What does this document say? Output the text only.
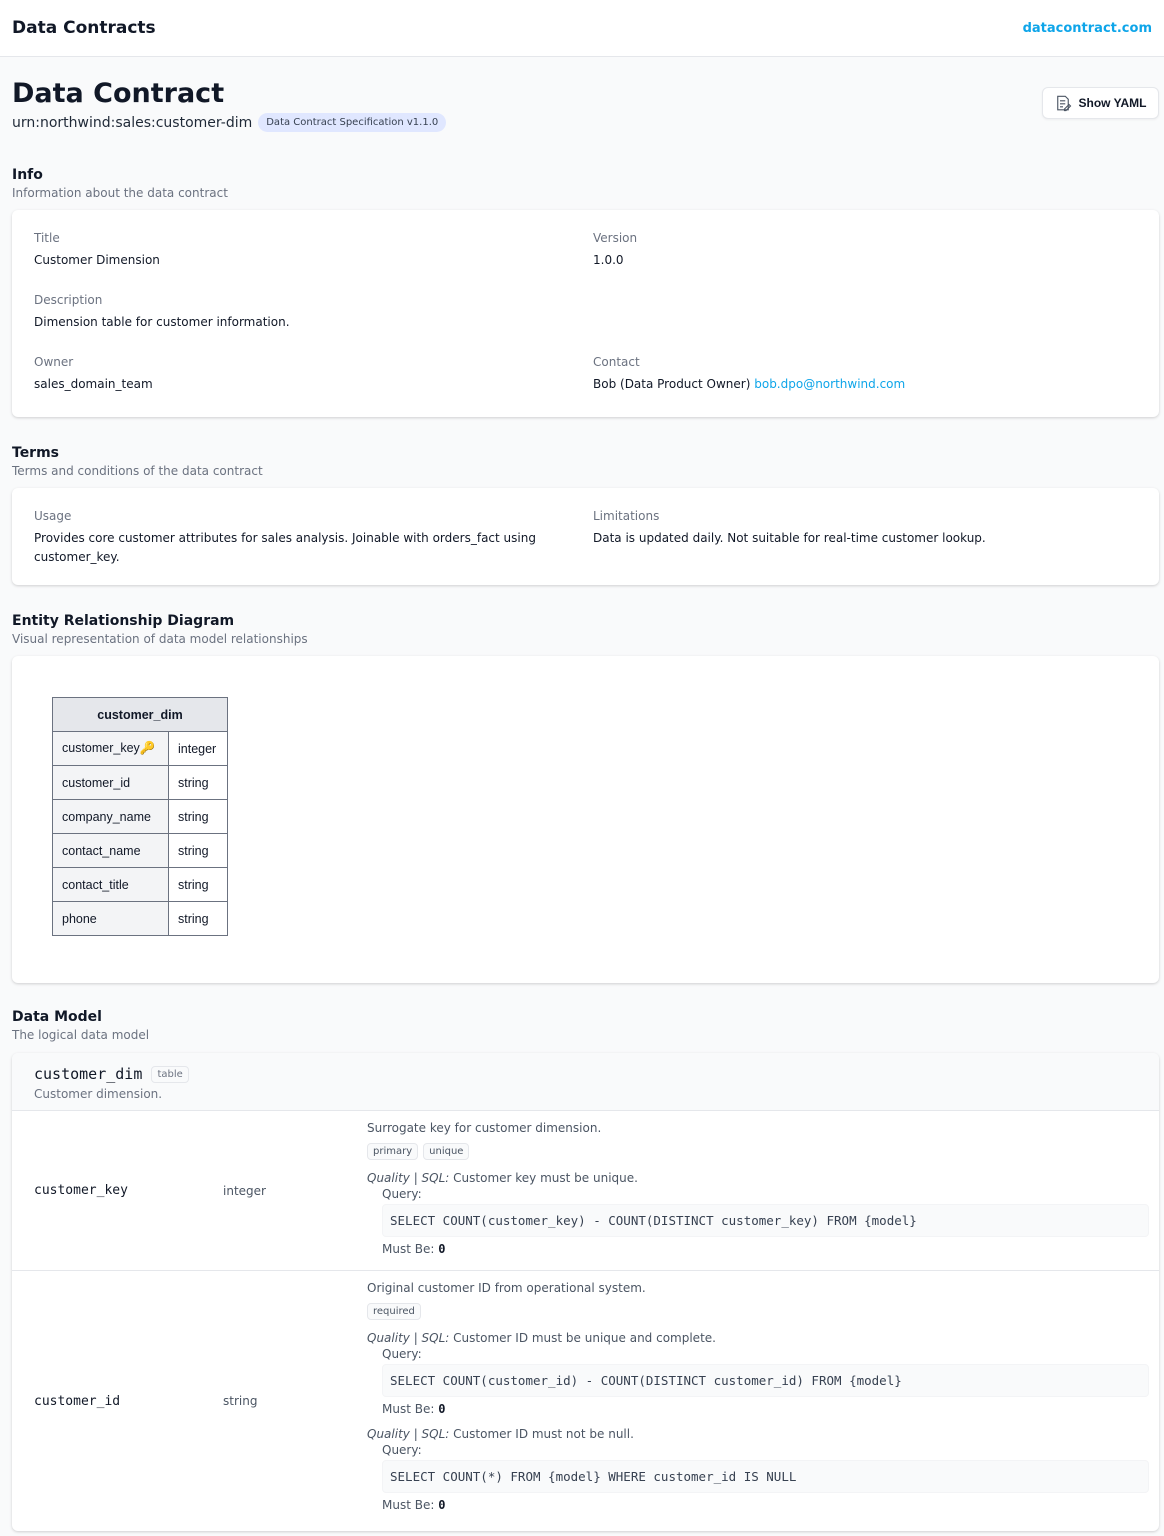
Data Contracts	datacontract.com
Data Contract
urn:northwind:sales:customer-dim	Data Contract Specification v1.1.0
Show YAML
Info
Information about the data contract
Title
Customer Dimension
Version
1.0.0
Description
Dimension table for customer information.
Owner
sales_domain_team
Contact
Bob (Data Product Owner) bob.dpo@northwind.com
Terms
Terms and conditions of the data contract
Usage
Provides core customer attributes for sales analysis. Joinable with orders_fact using customer_key.
Limitations
Data is updated daily. Not suitable for real-time customer lookup.
Entity Relationship Diagram
Visual representation of data model relationships
customer_dim	
customer_key🔑	integer
customer_id	string
company_name	string
contact_name	string
contact_title	string
phone	string
Data Model
The logical data model
customer_dim table
Customer dimension.
customer_key	integer
Surrogate key for customer dimension.
primary	unique
Quality | SQL: Customer key must be unique.
Query:
SELECT COUNT(customer_key) - COUNT(DISTINCT customer_key) FROM {model}
Must Be: 0
customer_id	string
Original customer ID from operational system.
required
Quality | SQL: Customer ID must be unique and complete.
Query:
SELECT COUNT(customer_id) - COUNT(DISTINCT customer_id) FROM {model}
Must Be: 0
Quality | SQL: Customer ID must not be null.
Query:
SELECT COUNT(*) FROM {model} WHERE customer_id IS NULL
Must Be: 0
